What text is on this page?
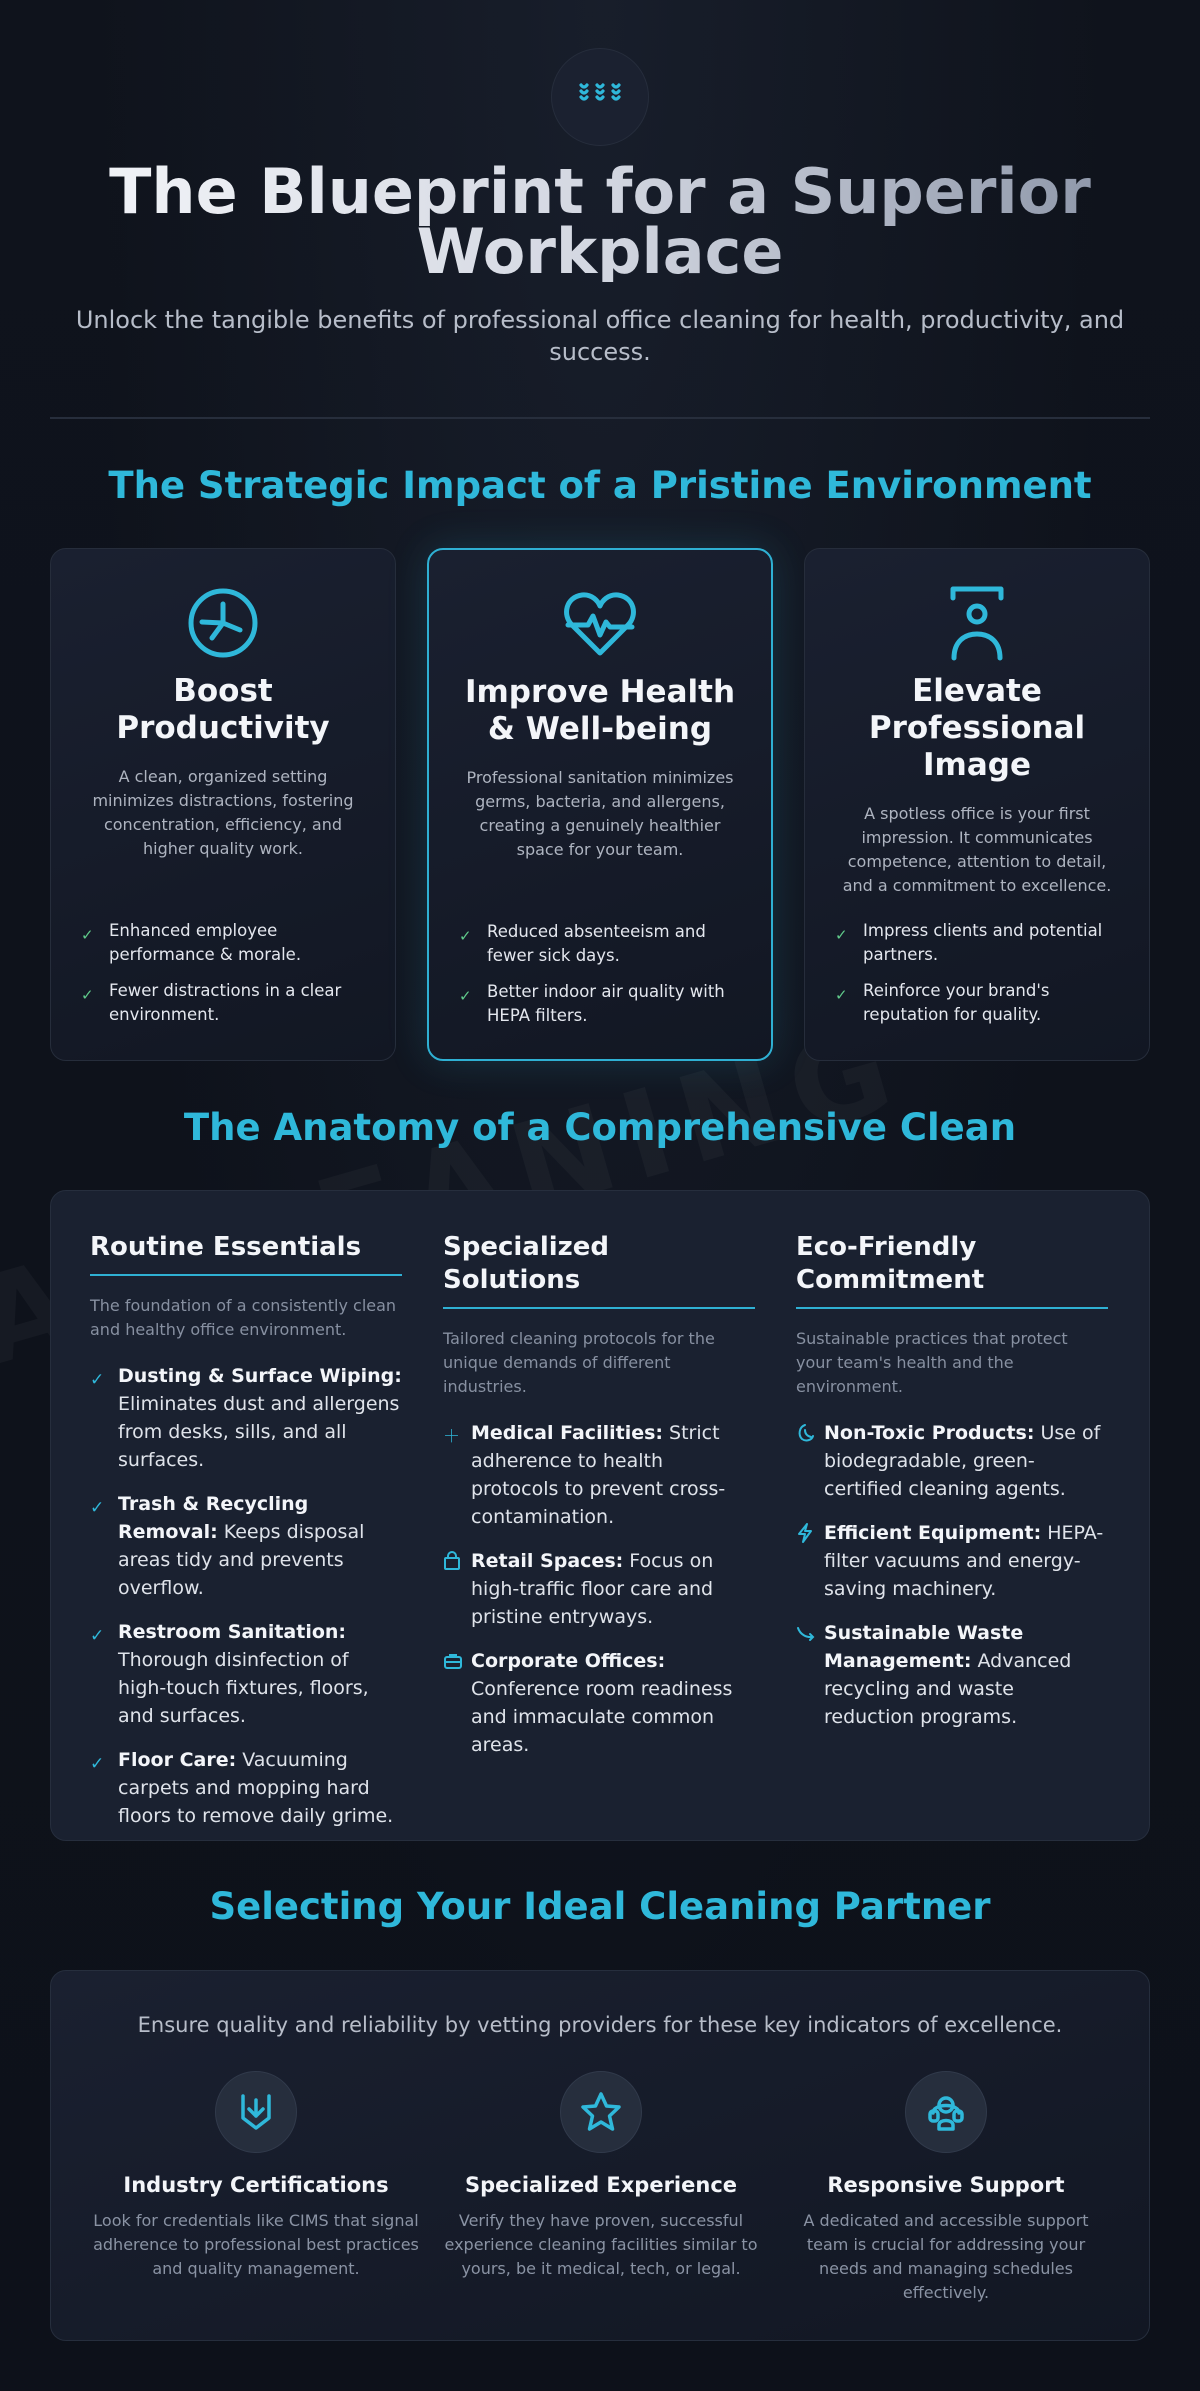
The Blueprint for a Superior Workplace

Unlock the tangible benefits of professional office cleaning for health, productivity, and success.

The Strategic Impact of a Pristine Environment
Boost Productivity

A clean, organized setting minimizes distractions, fostering concentration, efficiency, and higher quality work.

✓ Enhanced employee performance & morale.
✓ Fewer distractions in a clear environment.
Improve Health & Well-being

Professional sanitation minimizes germs, bacteria, and allergens, creating a genuinely healthier space for your team.

✓ Reduced absenteeism and fewer sick days.
✓ Better indoor air quality with HEPA filters.
Elevate Professional Image

A spotless office is your first impression. It communicates competence, attention to detail, and a commitment to excellence.

✓ Impress clients and potential partners.
✓ Reinforce your brand's reputation for quality.
The Anatomy of a Comprehensive Clean
Routine Essentials

The foundation of a consistently clean and healthy office environment.

✓ Dusting & Surface Wiping: Eliminates dust and allergens from desks, sills, and all surfaces.
✓ Trash & Recycling Removal: Keeps disposal areas tidy and prevents overflow.
✓ Restroom Sanitation: Thorough disinfection of high-touch fixtures, floors, and surfaces.
✓ Floor Care: Vacuuming carpets and mopping hard floors to remove daily grime.
Specialized Solutions

Tailored cleaning protocols for the unique demands of different industries.

＋ Medical Facilities: Strict adherence to health protocols to prevent cross-contamination.
Retail Spaces: Focus on high-traffic floor care and pristine entryways.
Corporate Offices: Conference room readiness and immaculate common areas.
Eco-Friendly Commitment

Sustainable practices that protect your team's health and the environment.

Non-Toxic Products: Use of biodegradable, green-certified cleaning agents.
Efficient Equipment: HEPA-filter vacuums and energy-saving machinery.
Sustainable Waste Management: Advanced recycling and waste reduction programs.
Selecting Your Ideal Cleaning Partner

Ensure quality and reliability by vetting providers for these key indicators of excellence.

Industry Certifications

Look for credentials like CIMS that signal adherence to professional best practices and quality management.

Specialized Experience

Verify they have proven, successful experience cleaning facilities similar to yours, be it medical, tech, or legal.

Responsive Support

A dedicated and accessible support team is crucial for addressing your needs and managing schedules effectively.
